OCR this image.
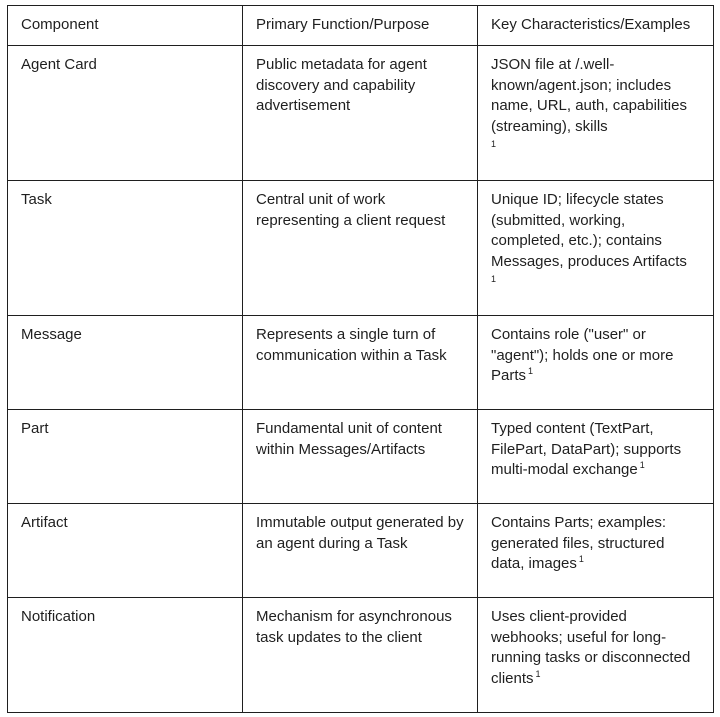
Component	Primary Function/Purpose	Key Characteristics/Examples
Agent Card	Public metadata for agent discovery and capability advertisement	JSON file at /.well-known/agent.json; includes name, URL, auth, capabilities (streaming), skills
1

Task	Central unit of work representing a client request	Unique ID; lifecycle states (submitted, working, completed, etc.); contains Messages, produces Artifacts
1

Message	Represents a single turn of communication within a Task	Contains role ("user" or "agent"); holds one or more Parts $^1$
Part	Fundamental unit of content within Messages/Artifacts	Typed content (TextPart, FilePart, DataPart); supports multi-modal exchange $^1$
Artifact	Immutable output generated by an agent during a Task	Contains Parts; examples: generated files, structured data, images $^1$
Notification	Mechanism for asynchronous task updates to the client	Uses client-provided webhooks; useful for long-running tasks or disconnected clients $^1$
